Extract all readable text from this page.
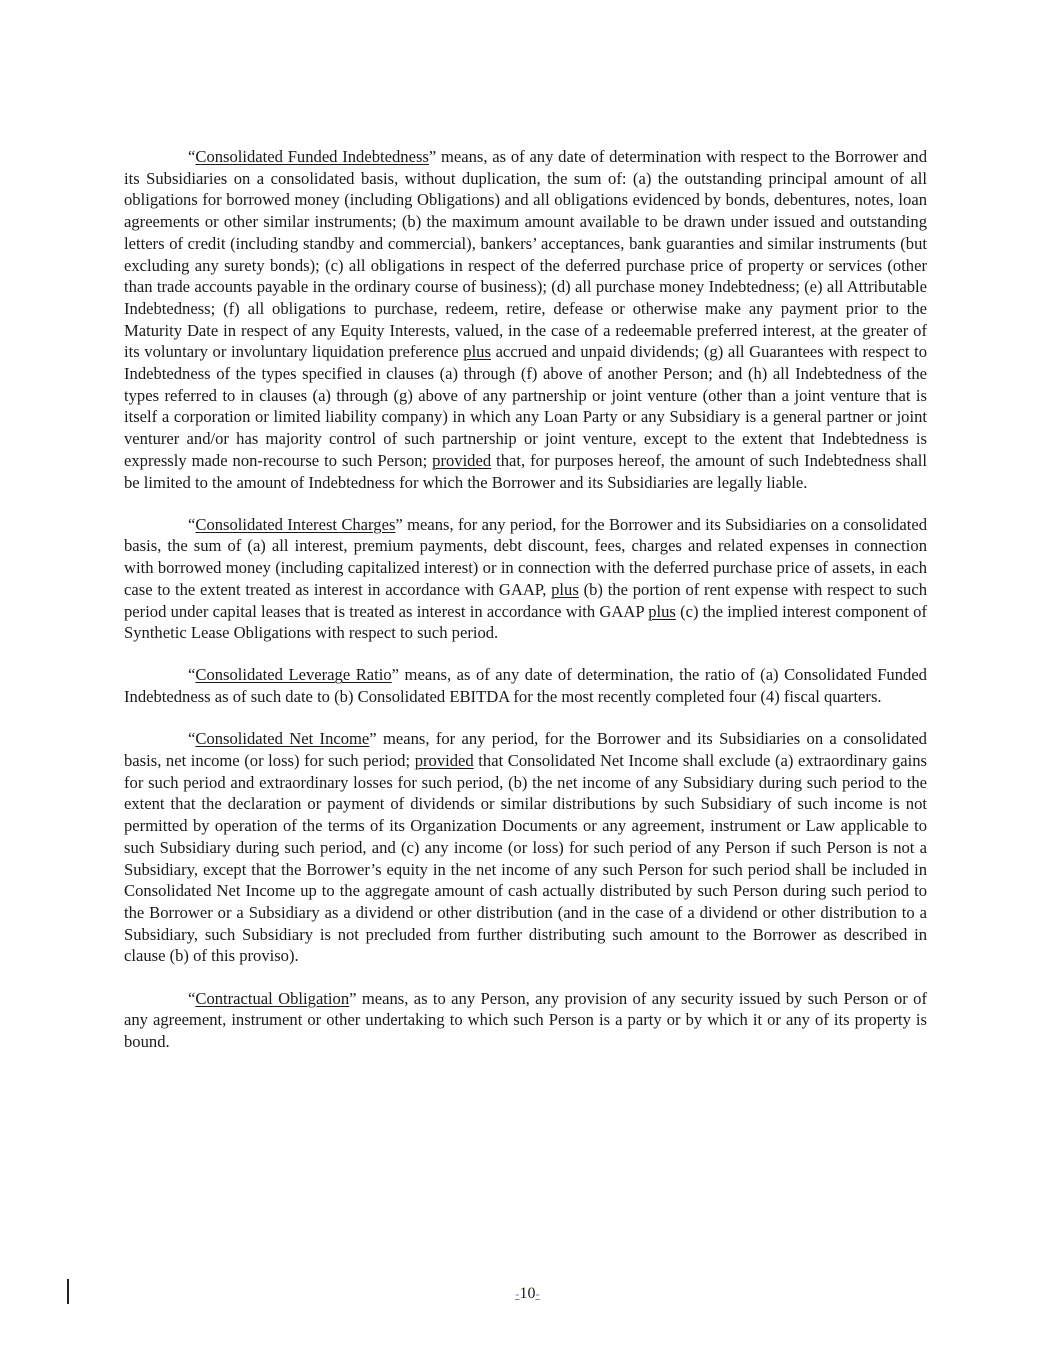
“Consolidated Funded Indebtedness” means, as of any date of determination with respect to the Borrower and its Subsidiaries on a consolidated basis, without duplication, the sum of: (a) the outstanding principal amount of all obligations for borrowed money (including Obligations) and all obligations evidenced by bonds, debentures, notes, loan agreements or other similar instruments; (b) the maximum amount available to be drawn under issued and outstanding letters of credit (including standby and commercial), bankers’ acceptances, bank guaranties and similar instruments (but excluding any surety bonds); (c) all obligations in respect of the deferred purchase price of property or services (other than trade accounts payable in the ordinary course of business); (d) all purchase money Indebtedness; (e) all Attributable Indebtedness; (f) all obligations to purchase, redeem, retire, defease or otherwise make any payment prior to the Maturity Date in respect of any Equity Interests, valued, in the case of a redeemable preferred interest, at the greater of its voluntary or involuntary liquidation preference plus accrued and unpaid dividends; (g) all Guarantees with respect to Indebtedness of the types specified in clauses (a) through (f) above of another Person; and (h) all Indebtedness of the types referred to in clauses (a) through (g) above of any partnership or joint venture (other than a joint venture that is itself a corporation or limited liability company) in which any Loan Party or any Subsidiary is a general partner or joint venturer and/or has majority control of such partnership or joint venture, except to the extent that Indebtedness is expressly made non-recourse to such Person; provided that, for purposes hereof, the amount of such Indebtedness shall be limited to the amount of Indebtedness for which the Borrower and its Subsidiaries are legally liable.

“Consolidated Interest Charges” means, for any period, for the Borrower and its Subsidiaries on a consolidated basis, the sum of (a) all interest, premium payments, debt discount, fees, charges and related expenses in connection with borrowed money (including capitalized interest) or in connection with the deferred purchase price of assets, in each case to the extent treated as interest in accordance with GAAP, plus (b) the portion of rent expense with respect to such period under capital leases that is treated as interest in accordance with GAAP plus (c) the implied interest component of Synthetic Lease Obligations with respect to such period.

“Consolidated Leverage Ratio” means, as of any date of determination, the ratio of (a) Consolidated Funded Indebtedness as of such date to (b) Consolidated EBITDA for the most recently completed four (4) fiscal quarters.

“Consolidated Net Income” means, for any period, for the Borrower and its Subsidiaries on a consolidated basis, net income (or loss) for such period; provided that Consolidated Net Income shall exclude (a) extraordinary gains for such period and extraordinary losses for such period, (b) the net income of any Subsidiary during such period to the extent that the declaration or payment of dividends or similar distributions by such Subsidiary of such income is not permitted by operation of the terms of its Organization Documents or any agreement, instrument or Law applicable to such Subsidiary during such period, and (c) any income (or loss) for such period of any Person if such Person is not a Subsidiary, except that the Borrower’s equity in the net income of any such Person for such period shall be included in Consolidated Net Income up to the aggregate amount of cash actually distributed by such Person during such period to the Borrower or a Subsidiary as a dividend or other distribution (and in the case of a dividend or other distribution to a Subsidiary, such Subsidiary is not precluded from further distributing such amount to the Borrower as described in clause (b) of this proviso).

“Contractual Obligation” means, as to any Person, any provision of any security issued by such Person or of any agreement, instrument or other undertaking to which such Person is a party or by which it or any of its property is bound.

-10-
